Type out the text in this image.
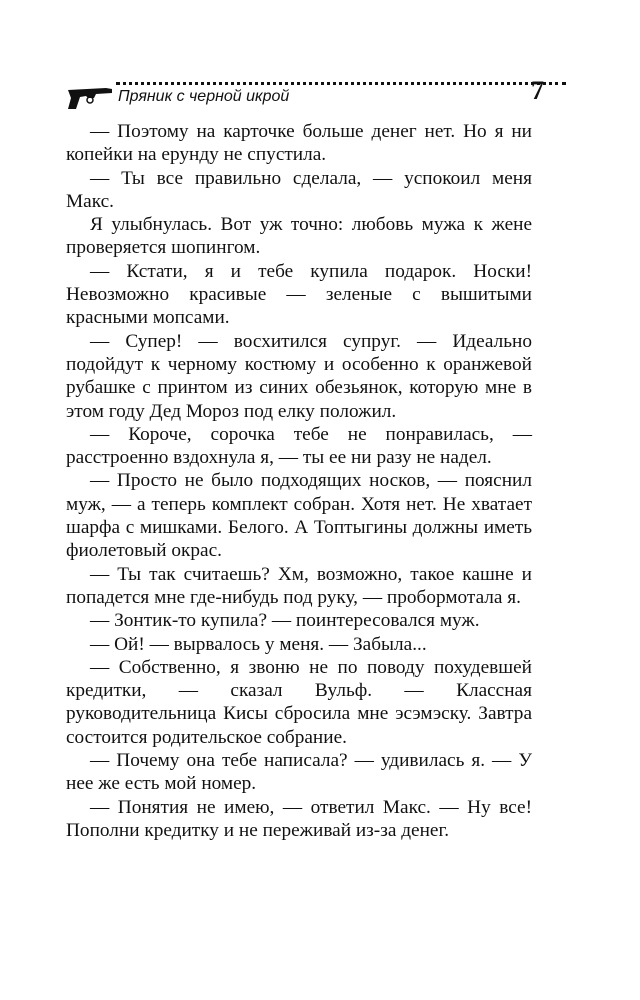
Пряник с черной икрой	7

— Поэтому на карточке больше денег нет. Но я ни копейки на ерунду не спустила.

— Ты все правильно сделала, — успокоил меня Макс.

Я улыбнулась. Вот уж точно: любовь мужа к жене проверяется шопингом.

— Кстати, я и тебе купила подарок. Носки! Невозможно красивые — зеленые с вышитыми красными мопсами.

— Супер! — восхитился супруг. — Идеально подойдут к черному костюму и особенно к оранжевой рубашке с принтом из синих обезьянок, которую мне в этом году Дед Мороз под елку положил.

— Короче, сорочка тебе не понравилась, — расстроенно вздохнула я, — ты ее ни разу не надел.

— Просто не было подходящих носков, — пояснил муж, — а теперь комплект собран. Хотя нет. Не хватает шарфа с мишками. Белого. А Топтыгины должны иметь фиолетовый окрас.

— Ты так считаешь? Хм, возможно, такое кашне и попадется мне где-нибудь под руку, — пробормотала я.

— Зонтик-то купила? — поинтересовался муж.

— Ой! — вырвалось у меня. — Забыла...

— Собственно, я звоню не по поводу похудевшей кредитки, — сказал Вульф. — Классная руководительница Кисы сбросила мне эсэмэску. Завтра состоится родительское собрание.

— Почему она тебе написала? — удивилась я. — У нее же есть мой номер.

— Понятия не имею, — ответил Макс. — Ну все! Пополни кредитку и не переживай из-за денег.
